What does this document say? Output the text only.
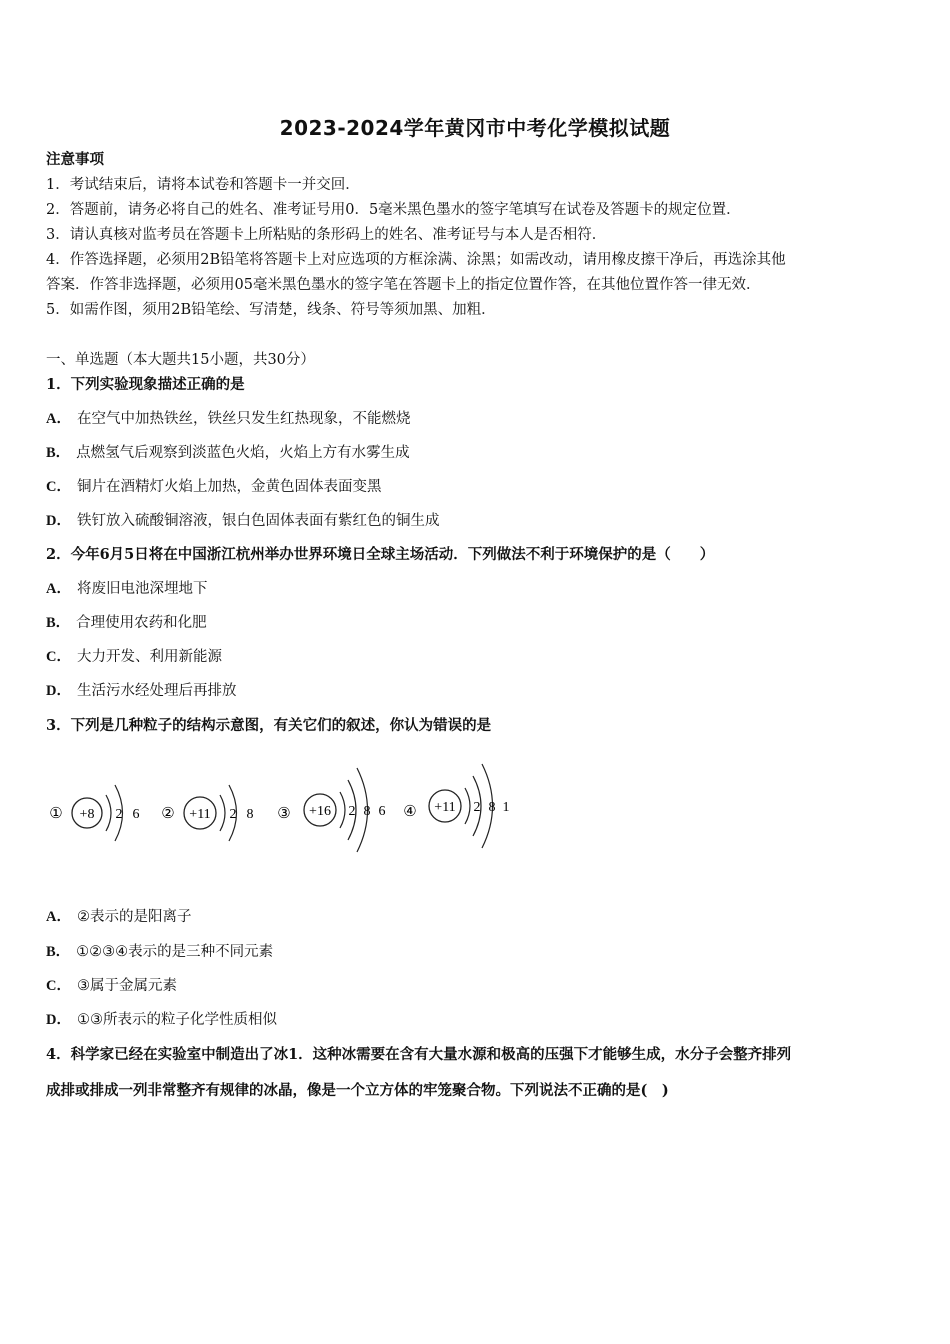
2023-2024学年黄冈市中考化学模拟试题
注意事项
1．考试结束后，请将本试卷和答题卡一并交回．
2．答题前，请务必将自己的姓名、准考证号用0．5毫米黑色墨水的签字笔填写在试卷及答题卡的规定位置．
3．请认真核对监考员在答题卡上所粘贴的条形码上的姓名、准考证号与本人是否相符．
4．作答选择题，必须用2B铅笔将答题卡上对应选项的方框涂满、涂黑；如需改动，请用橡皮擦干净后，再选涂其他
答案．作答非选择题，必须用05毫米黑色墨水的签字笔在答题卡上的指定位置作答，在其他位置作答一律无效．
5．如需作图，须用2B铅笔绘、写清楚，线条、符号等须加黑、加粗．
一、单选题（本大题共15小题，共30分）
1．下列实验现象描述正确的是
A． 在空气中加热铁丝，铁丝只发生红热现象，不能燃烧
B． 点燃氢气后观察到淡蓝色火焰，火焰上方有水雾生成
C． 铜片在酒精灯火焰上加热，金黄色固体表面变黑
D． 铁钉放入硫酸铜溶液，银白色固体表面有紫红色的铜生成
2．今年6月5日将在中国浙江杭州举办世界环境日全球主场活动．下列做法不利于环境保护的是（　　）
A． 将废旧电池深埋地下
B． 合理使用农药和化肥
C． 大力开发、利用新能源
D． 生活污水经处理后再排放
3．下列是几种粒子的结构示意图，有关它们的叙述，你认为错误的是
① +8 2 6 ② +11 2 8 ③ +16 2 8 6 ④ +11 2 8 1
A． ②表示的是阳离子
B． ①②③④表示的是三种不同元素
C． ③属于金属元素
D． ①③所表示的粒子化学性质相似
4．科学家已经在实验室中制造出了冰1．这种冰需要在含有大量水源和极高的压强下才能够生成，水分子会整齐排列
成排或排成一列非常整齐有规律的冰晶，像是一个立方体的牢笼聚合物。下列说法不正确的是(　)
